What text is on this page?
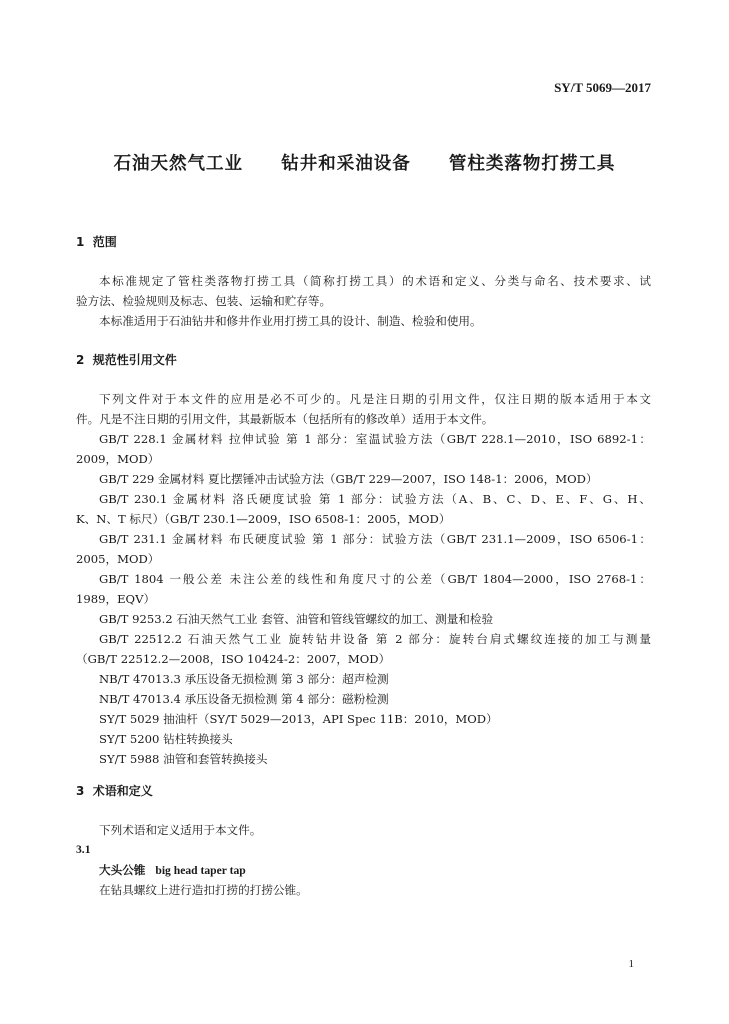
SY/T 5069—2017
石油天然气工业  钻井和采油设备  管柱类落物打捞工具
1  范围
本标准规定了管柱类落物打捞工具（简称打捞工具）的术语和定义、分类与命名、技术要求、试
验方法、检验规则及标志、包装、运输和贮存等。
本标准适用于石油钻井和修井作业用打捞工具的设计、制造、检验和使用。
2  规范性引用文件
下列文件对于本文件的应用是必不可少的。凡是注日期的引用文件，仅注日期的版本适用于本文
件。凡是不注日期的引用文件，其最新版本（包括所有的修改单）适用于本文件。
GB/T 228.1 金属材料 拉伸试验 第 1 部分：室温试验方法（GB/T 228.1—2010，ISO 6892-1：
2009，MOD）
GB/T 229 金属材料 夏比摆锤冲击试验方法（GB/T 229—2007，ISO 148-1：2006，MOD）
GB/T 230.1 金属材料 洛氏硬度试验 第 1 部分：试验方法（A、B、C、D、E、F、G、H、
K、N、T 标尺）（GB/T 230.1—2009，ISO 6508-1：2005，MOD）
GB/T 231.1 金属材料 布氏硬度试验 第 1 部分：试验方法（GB/T 231.1—2009，ISO 6506-1：
2005，MOD）
GB/T 1804 一般公差 未注公差的线性和角度尺寸的公差（GB/T 1804—2000，ISO 2768-1：
1989，EQV）
GB/T 9253.2 石油天然气工业 套管、油管和管线管螺纹的加工、测量和检验
GB/T 22512.2 石油天然气工业 旋转钻井设备 第 2 部分：旋转台肩式螺纹连接的加工与测量
（GB/T 22512.2—2008，ISO 10424-2：2007，MOD）
NB/T 47013.3 承压设备无损检测 第 3 部分：超声检测
NB/T 47013.4 承压设备无损检测 第 4 部分：磁粉检测
SY/T 5029 抽油杆（SY/T 5029—2013，API Spec 11B：2010，MOD）
SY/T 5200 钻柱转换接头
SY/T 5988 油管和套管转换接头
3  术语和定义
下列术语和定义适用于本文件。
3.1
大头公锥 big head taper tap
在钻具螺纹上进行造扣打捞的打捞公锥。
1
